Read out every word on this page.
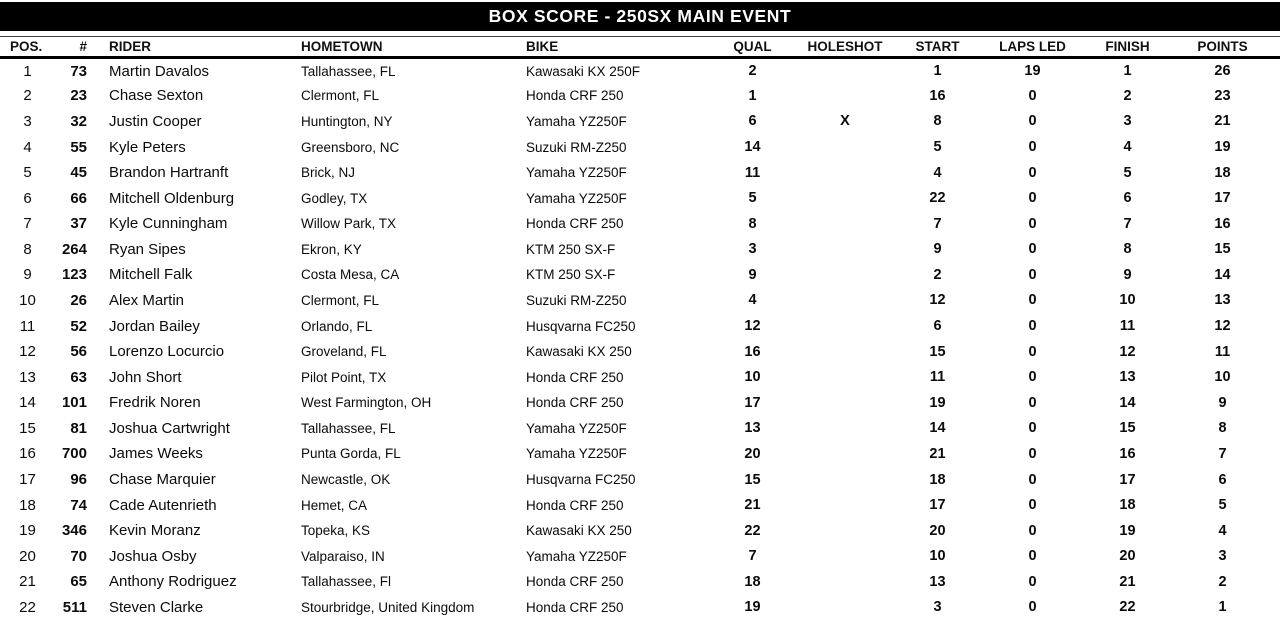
BOX SCORE - 250SX MAIN EVENT
POS.	#	RIDER	HOMETOWN	BIKE	QUAL	HOLESHOT	START	LAPS LED	FINISH	POINTS
1	73	Martin Davalos	Tallahassee, FL	Kawasaki KX 250F	2		1	19	1	26
2	23	Chase Sexton	Clermont, FL	Honda CRF 250	1		16	0	2	23
3	32	Justin Cooper	Huntington, NY	Yamaha YZ250F	6	X	8	0	3	21
4	55	Kyle Peters	Greensboro, NC	Suzuki RM-Z250	14		5	0	4	19
5	45	Brandon Hartranft	Brick, NJ	Yamaha YZ250F	11		4	0	5	18
6	66	Mitchell Oldenburg	Godley, TX	Yamaha YZ250F	5		22	0	6	17
7	37	Kyle Cunningham	Willow Park, TX	Honda CRF 250	8		7	0	7	16
8	264	Ryan Sipes	Ekron, KY	KTM 250 SX-F	3		9	0	8	15
9	123	Mitchell Falk	Costa Mesa, CA	KTM 250 SX-F	9		2	0	9	14
10	26	Alex Martin	Clermont, FL	Suzuki RM-Z250	4		12	0	10	13
11	52	Jordan Bailey	Orlando, FL	Husqvarna FC250	12		6	0	11	12
12	56	Lorenzo Locurcio	Groveland, FL	Kawasaki KX 250	16		15	0	12	11
13	63	John Short	Pilot Point, TX	Honda CRF 250	10		11	0	13	10
14	101	Fredrik Noren	West Farmington, OH	Honda CRF 250	17		19	0	14	9
15	81	Joshua Cartwright	Tallahassee, FL	Yamaha YZ250F	13		14	0	15	8
16	700	James Weeks	Punta Gorda, FL	Yamaha YZ250F	20		21	0	16	7
17	96	Chase Marquier	Newcastle, OK	Husqvarna FC250	15		18	0	17	6
18	74	Cade Autenrieth	Hemet, CA	Honda CRF 250	21		17	0	18	5
19	346	Kevin Moranz	Topeka, KS	Kawasaki KX 250	22		20	0	19	4
20	70	Joshua Osby	Valparaiso, IN	Yamaha YZ250F	7		10	0	20	3
21	65	Anthony Rodriguez	Tallahassee, Fl	Honda CRF 250	18		13	0	21	2
22	511	Steven Clarke	Stourbridge, United Kingdom	Honda CRF 250	19		3	0	22	1
